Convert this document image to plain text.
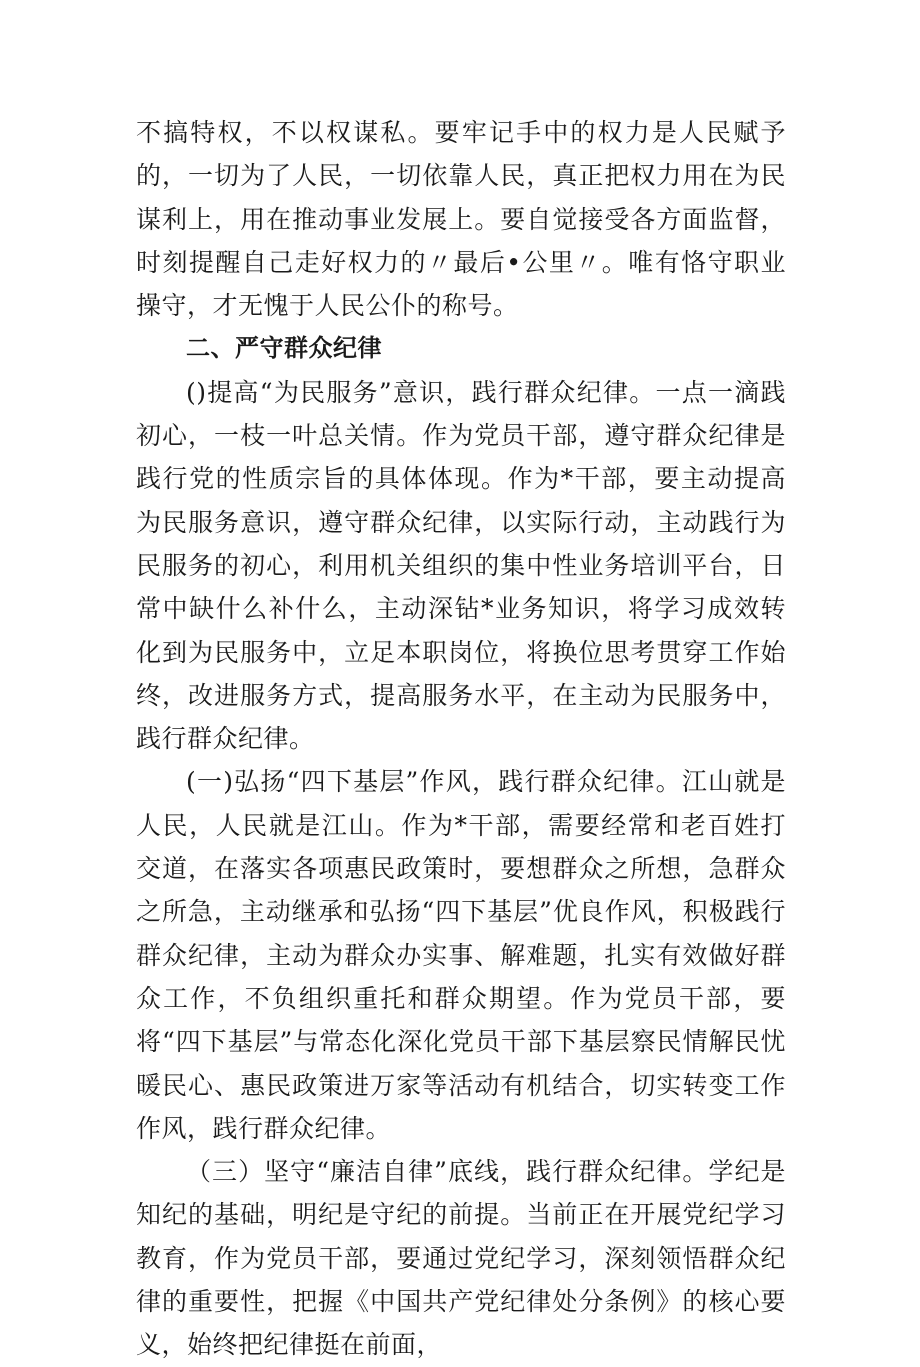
不搞特权，不以权谋私。要牢记手中的权力是人民赋予的，一切为了人民，一切依靠人民，真正把权力用在为民谋利上，用在推动事业发展上。要自觉接受各方面监督，时刻提醒自己走好权力的〃最后•公里〃。唯有恪守职业操守，才无愧于人民公仆的称号。

二、严守群众纪律

()提高“为民服务”意识，践行群众纪律。一点一滴践初心，一枝一叶总关情。作为党员干部，遵守群众纪律是践行党的性质宗旨的具体体现。作为*干部，要主动提高为民服务意识，遵守群众纪律，以实际行动，主动践行为民服务的初心，利用机关组织的集中性业务培训平台，日常中缺什么补什么，主动深钻*业务知识，将学习成效转化到为民服务中，立足本职岗位，将换位思考贯穿工作始终，改进服务方式，提高服务水平，在主动为民服务中，践行群众纪律。

(一)弘扬“四下基层”作风，践行群众纪律。江山就是人民，人民就是江山。作为*干部，需要经常和老百姓打交道，在落实各项惠民政策时，要想群众之所想，急群众之所急，主动继承和弘扬“四下基层”优良作风，积极践行群众纪律，主动为群众办实事、解难题，扎实有效做好群众工作，不负组织重托和群众期望。作为党员干部，要将“四下基层”与常态化深化党员干部下基层察民情解民忧暖民心、惠民政策进万家等活动有机结合，切实转变工作作风，践行群众纪律。

（三）坚守“廉洁自律”底线，践行群众纪律。学纪是知纪的基础，明纪是守纪的前提。当前正在开展党纪学习教育，作为党员干部，要通过党纪学习，深刻领悟群众纪律的重要性，把握《中国共产党纪律处分条例》的核心要义，始终把纪律挺在前面，
